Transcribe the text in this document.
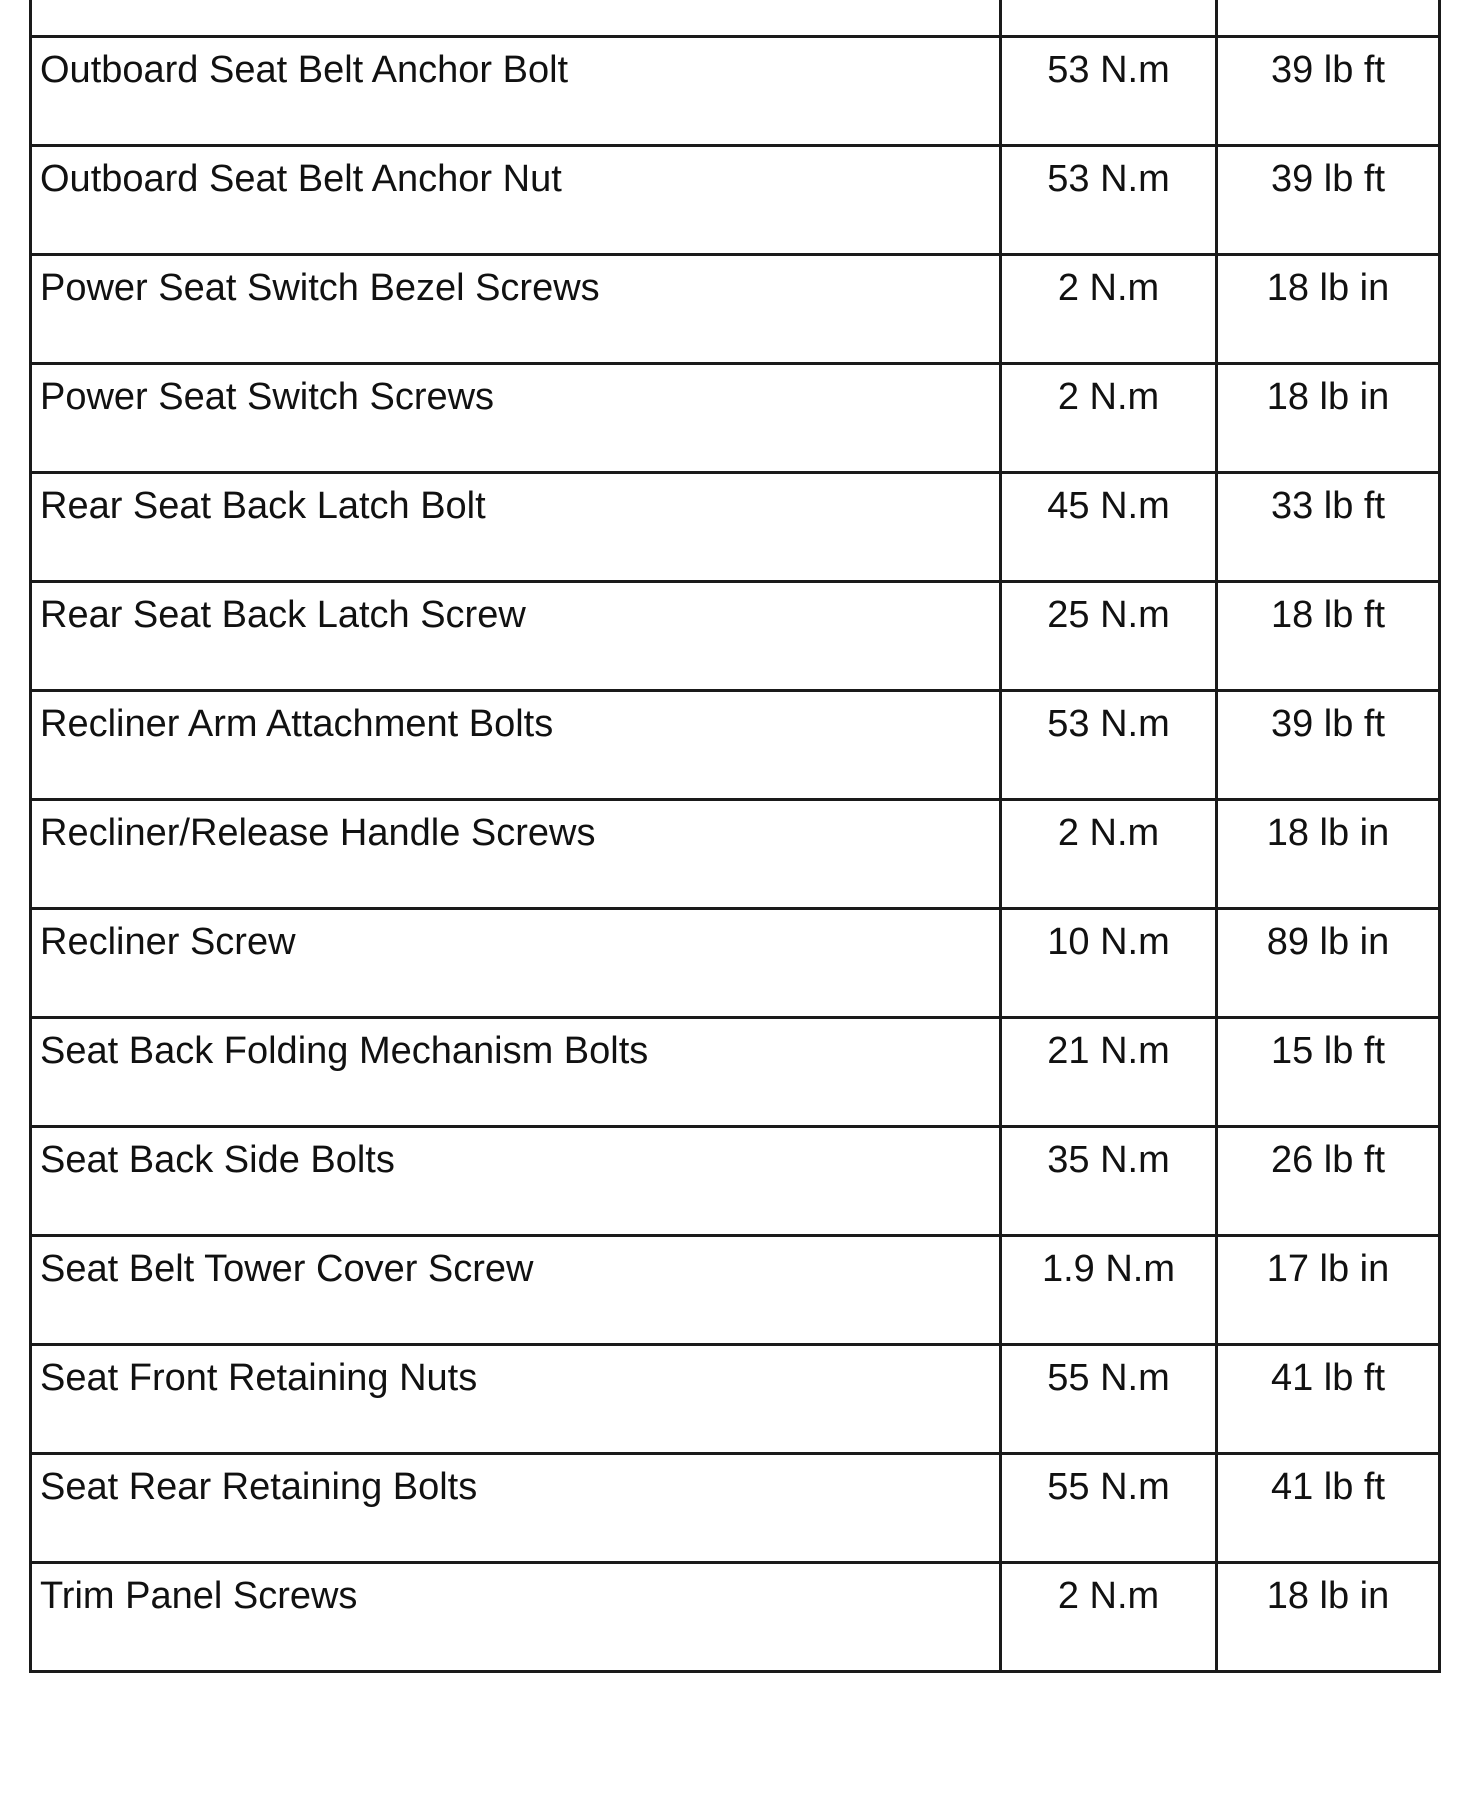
Outboard Seat Belt Anchor Bolt	53 N.m	39 lb ft
Outboard Seat Belt Anchor Nut	53 N.m	39 lb ft
Power Seat Switch Bezel Screws	2 N.m	18 lb in
Power Seat Switch Screws	2 N.m	18 lb in
Rear Seat Back Latch Bolt	45 N.m	33 lb ft
Rear Seat Back Latch Screw	25 N.m	18 lb ft
Recliner Arm Attachment Bolts	53 N.m	39 lb ft
Recliner/Release Handle Screws	2 N.m	18 lb in
Recliner Screw	10 N.m	89 lb in
Seat Back Folding Mechanism Bolts	21 N.m	15 lb ft
Seat Back Side Bolts	35 N.m	26 lb ft
Seat Belt Tower Cover Screw	1.9 N.m	17 lb in
Seat Front Retaining Nuts	55 N.m	41 lb ft
Seat Rear Retaining Bolts	55 N.m	41 lb ft
Trim Panel Screws	2 N.m	18 lb in
